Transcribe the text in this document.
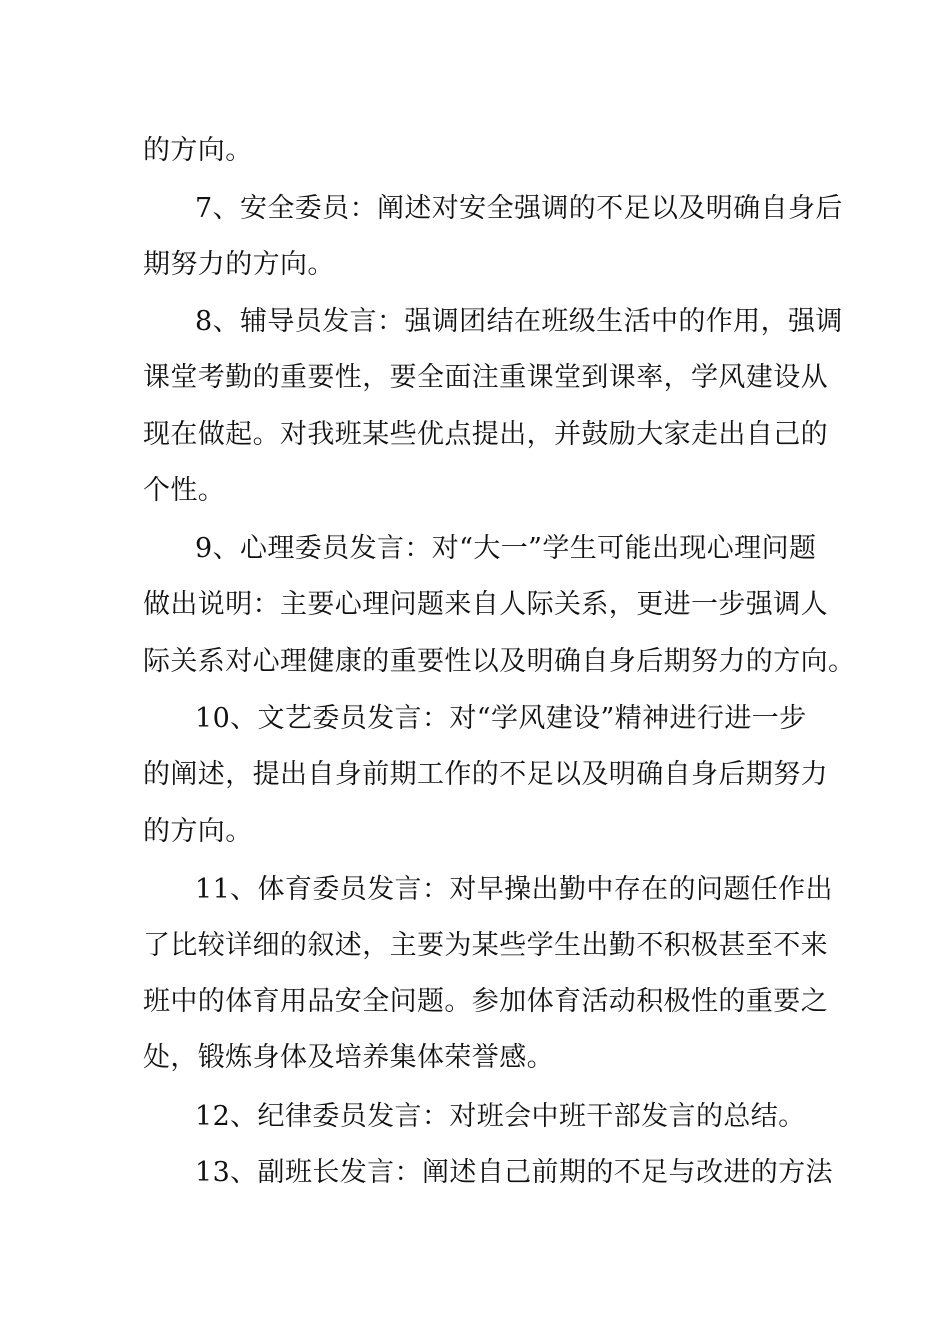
的方向。
7、安全委员：阐述对安全强调的不足以及明确自身后
期努力的方向。
8、辅导员发言：强调团结在班级生活中的作用，强调
课堂考勤的重要性，要全面注重课堂到课率，学风建设从
现在做起。对我班某些优点提出，并鼓励大家走出自己的
个性。
9、心理委员发言：对“大一”学生可能出现心理问题
做出说明：主要心理问题来自人际关系，更进一步强调人
际关系对心理健康的重要性以及明确自身后期努力的方向。
10、文艺委员发言：对“学风建设”精神进行进一步
的阐述，提出自身前期工作的不足以及明确自身后期努力
的方向。
11、体育委员发言：对早操出勤中存在的问题任作出
了比较详细的叙述，主要为某些学生出勤不积极甚至不来
班中的体育用品安全问题。参加体育活动积极性的重要之
处，锻炼身体及培养集体荣誉感。
12、纪律委员发言：对班会中班干部发言的总结。
13、副班长发言：阐述自己前期的不足与改进的方法
